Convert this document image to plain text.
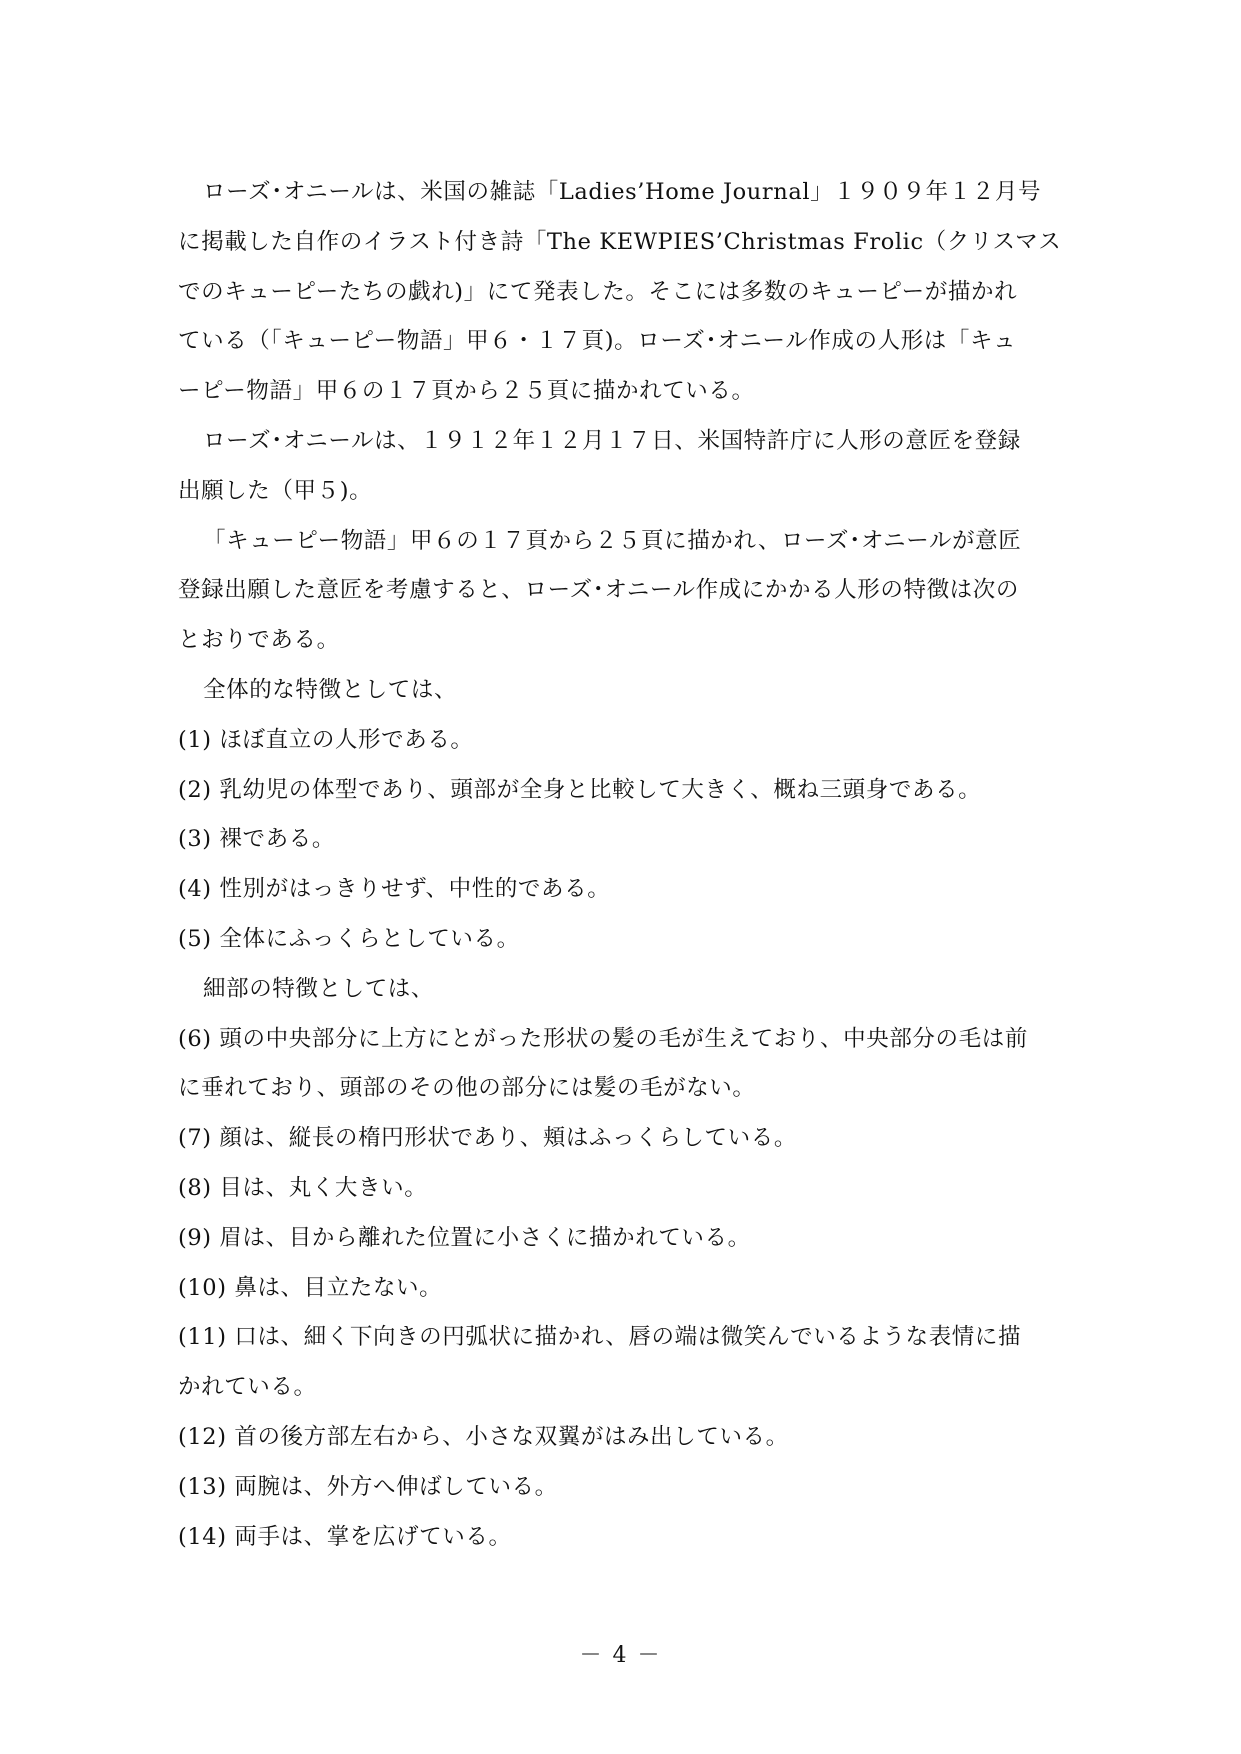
ローズ･オニールは、米国の雑誌「Ladies’Home Journal」１９０９年１２月号
に掲載した自作のイラスト付き詩「The KEWPIES’Christmas Frolic（クリスマス
でのキューピーたちの戯れ)」にて発表した。そこには多数のキューピーが描かれ
ている（「キューピー物語」甲６・１７頁)。ローズ･オニール作成の人形は「キュ
ーピー物語」甲６の１７頁から２５頁に描かれている。
ローズ･オニールは、１９１２年１２月１７日、米国特許庁に人形の意匠を登録
出願した（甲５)。
「キューピー物語」甲６の１７頁から２５頁に描かれ、ローズ･オニールが意匠
登録出願した意匠を考慮すると、ローズ･オニール作成にかかる人形の特徴は次の
とおりである。
全体的な特徴としては、
(1) ほぼ直立の人形である。
(2) 乳幼児の体型であり、頭部が全身と比較して大きく、概ね三頭身である。
(3) 裸である。
(4) 性別がはっきりせず、中性的である。
(5) 全体にふっくらとしている。
細部の特徴としては、
(6) 頭の中央部分に上方にとがった形状の髪の毛が生えており、中央部分の毛は前
に垂れており、頭部のその他の部分には髪の毛がない。
(7) 顔は、縦長の楕円形状であり、頬はふっくらしている。
(8) 目は、丸く大きい。
(9) 眉は、目から離れた位置に小さくに描かれている。
(10) 鼻は、目立たない。
(11) 口は、細く下向きの円弧状に描かれ、唇の端は微笑んでいるような表情に描
かれている。
(12) 首の後方部左右から、小さな双翼がはみ出している。
(13) 両腕は、外方へ伸ばしている。
(14) 両手は、掌を広げている。
－ 4 －
